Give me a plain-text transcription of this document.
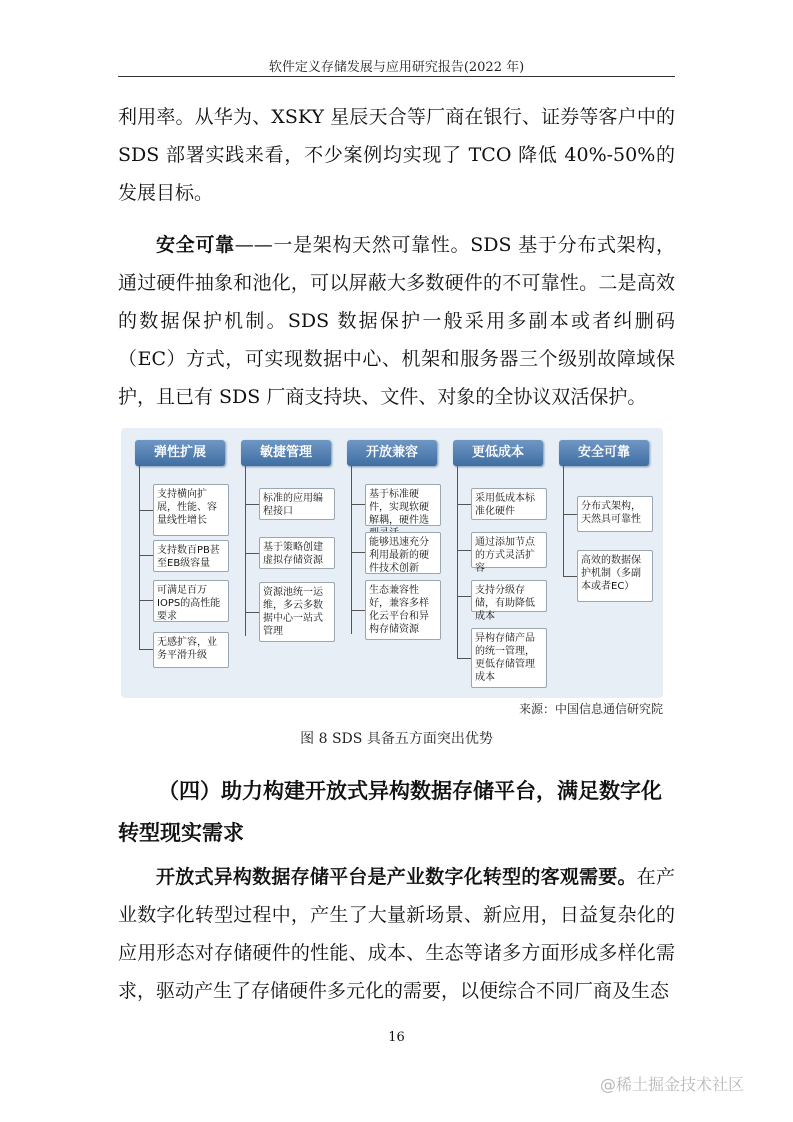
软件定义存储发展与应用研究报告(2022 年)

利用率。从华为、XSKY 星辰天合等厂商在银行、证券等客户中的 SDS 部署实践来看，不少案例均实现了 TCO 降低 40%-50%的发展目标。

安全可靠——一是架构天然可靠性。SDS 基于分布式架构，通过硬件抽象和池化，可以屏蔽大多数硬件的不可靠性。二是高效的数据保护机制。SDS 数据保护一般采用多副本或者纠删码（EC）方式，可实现数据中心、机架和服务器三个级别故障域保护，且已有 SDS 厂商支持块、文件、对象的全协议双活保护。

弹性扩展
支持横向扩展，性能、容量线性增长
支持数百PB甚至EB级容量
可满足百万IOPS的高性能要求
无感扩容，业务平滑升级
敏捷管理
标准的应用编程接口
基于策略创建虚拟存储资源
资源池统一运维，多云多数据中心一站式管理
开放兼容
基于标准硬件，实现软硬解耦，硬件选
能够迅速充分利用最新的硬件技术创新
生态兼容性好，兼容多样化云平台和异构存储资源
更低成本
采用低成本标准化硬件
通过添加节点的方式灵活扩容
支持分级存储，有助降低成本
异构存储产品的统一管理，更低存储管理成本
安全可靠
分布式架构，天然具可靠性
高效的数据保护机制（多副本或者EC）
来源：中国信息通信研究院
图 8 SDS 具备五方面突出优势

（四）助力构建开放式异构数据存储平台，满足数字化转型现实需求

开放式异构数据存储平台是产业数字化转型的客观需要。在产业数字化转型过程中，产生了大量新场景、新应用，日益复杂化的应用形态对存储硬件的性能、成本、生态等诸多方面形成多样化需求，驱动产生了存储硬件多元化的需要，以便综合不同厂商及生态

16
@稀土掘金技术社区
